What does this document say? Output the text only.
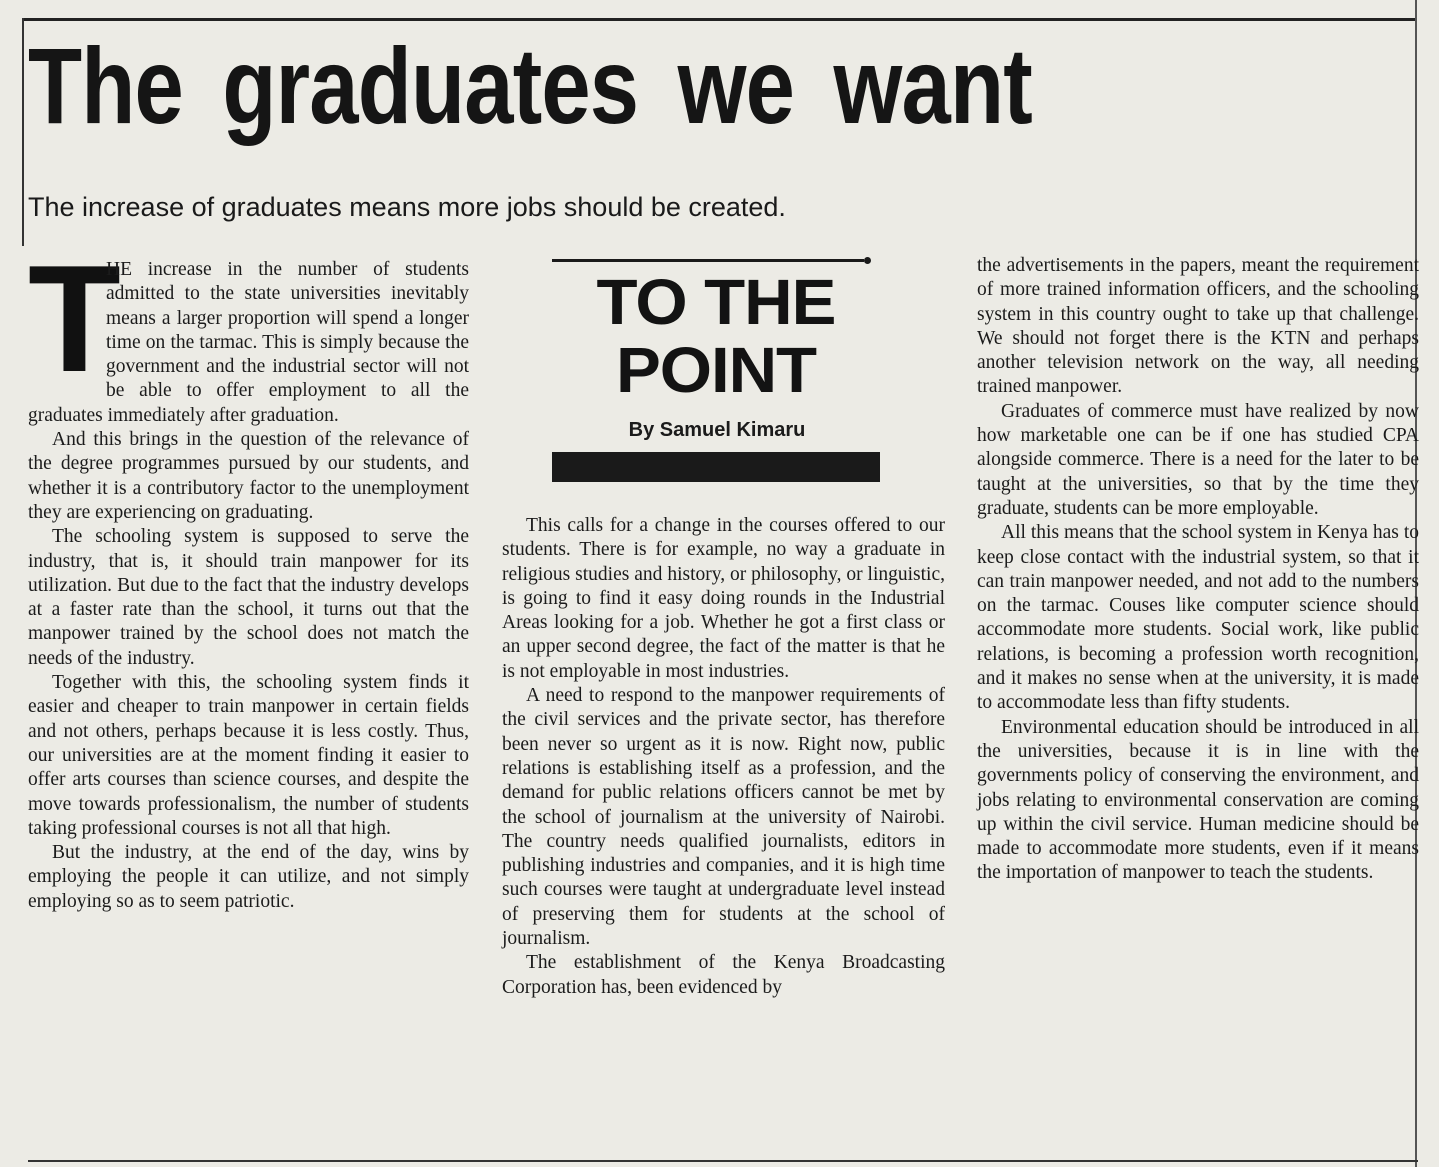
The graduates we want
The increase of graduates means more jobs should be created.
T

HE increase in the number of students admitted to the state universities inevitably means a larger proportion will spend a longer time on the tarmac. This is simply because the government and the industrial sector will not be able to offer employment to all the graduates immediately after graduation.

And this brings in the question of the relevance of the degree programmes pursued by our students, and whether it is a contributory factor to the unemployment they are experiencing on graduating.

The schooling system is supposed to serve the industry, that is, it should train manpower for its utilization. But due to the fact that the industry develops at a faster rate than the school, it turns out that the manpower trained by the school does not match the needs of the industry.

Together with this, the schooling system finds it easier and cheaper to train manpower in certain fields and not others, perhaps because it is less costly. Thus, our universities are at the moment finding it easier to offer arts courses than science courses, and despite the move towards professionalism, the number of students taking professional courses is not all that high.

But the industry, at the end of the day, wins by employing the people it can utilize, and not simply employing so as to seem patriotic.

TO THE
POINT
By Samuel Kimaru

This calls for a change in the courses offered to our students. There is for example, no way a graduate in religious studies and history, or philosophy, or linguistic, is going to find it easy doing rounds in the Industrial Areas looking for a job. Whether he got a first class or an upper second degree, the fact of the matter is that he is not employable in most industries.

A need to respond to the manpower requirements of the civil services and the private sector, has therefore been never so urgent as it is now. Right now, public relations is establishing itself as a profession, and the demand for public relations officers cannot be met by the school of journalism at the university of Nairobi. The country needs qualified journalists, editors in publishing industries and companies, and it is high time such courses were taught at undergraduate level instead of preserving them for students at the school of journalism.

The establishment of the Kenya Broadcasting Corporation has, been evidenced by

the advertisements in the papers, meant the requirement of more trained information officers, and the schooling system in this country ought to take up that challenge. We should not forget there is the KTN and perhaps another television network on the way, all needing trained manpower.

Graduates of commerce must have realized by now how marketable one can be if one has studied CPA alongside commerce. There is a need for the later to be taught at the universities, so that by the time they graduate, students can be more employable.

All this means that the school system in Kenya has to keep close contact with the industrial system, so that it can train manpower needed, and not add to the numbers on the tarmac. Couses like computer science should accommodate more students. Social work, like public relations, is becoming a profession worth recognition, and it makes no sense when at the university, it is made to accommodate less than fifty students.

Environmental education should be introduced in all the universities, because it is in line with the governments policy of conserving the environment, and jobs relating to environmental conservation are coming up within the civil service. Human medicine should be made to accommodate more students, even if it means the importation of manpower to teach the students.
